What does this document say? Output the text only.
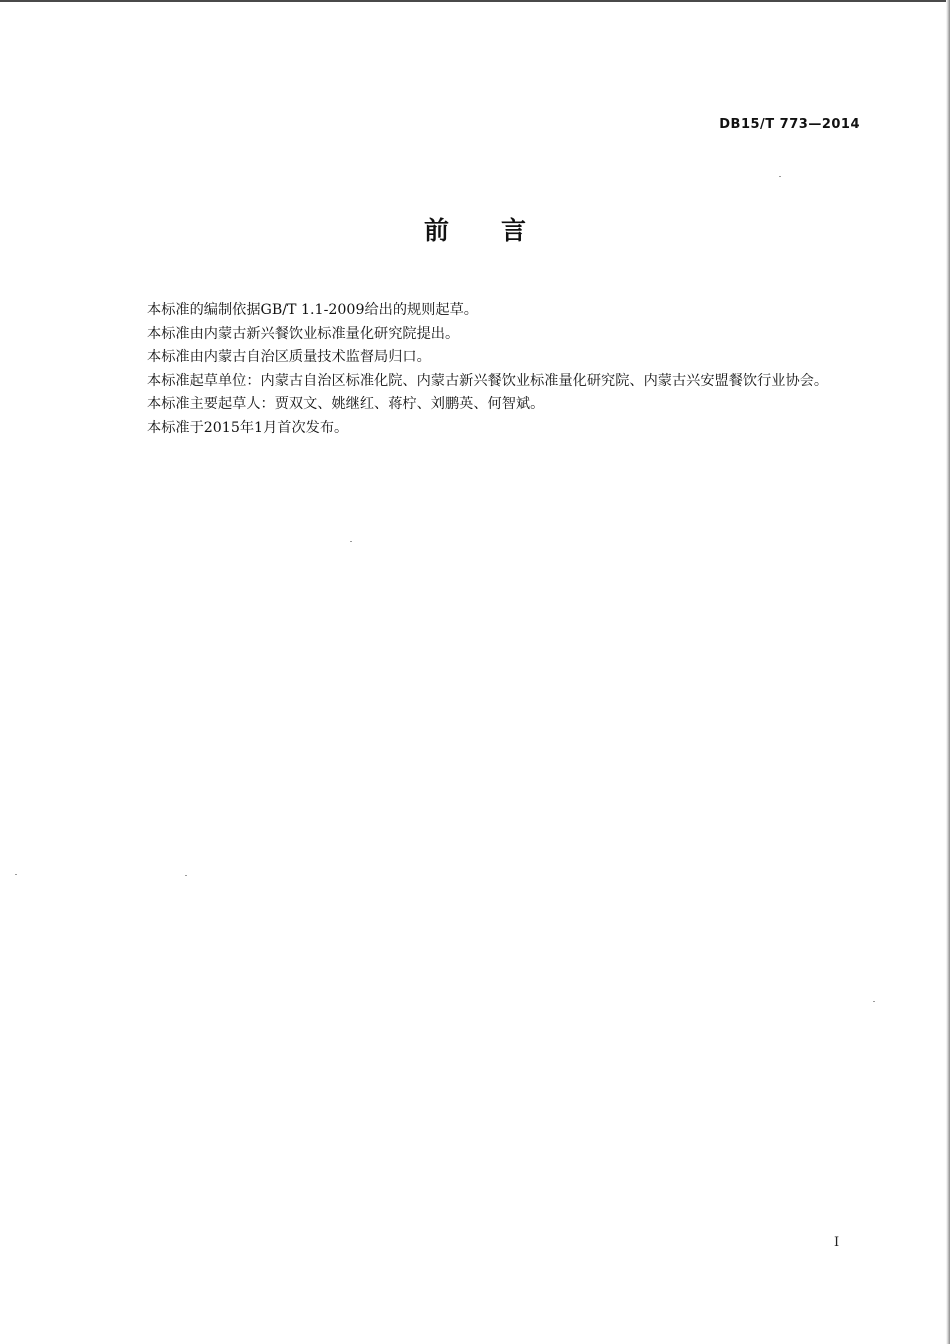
DB15/T 773—2014
前 言

本标准的编制依据GB/T 1.1-2009给出的规则起草。

本标准由内蒙古新兴餐饮业标准量化研究院提出。

本标准由内蒙古自治区质量技术监督局归口。

本标准起草单位：内蒙古自治区标准化院、内蒙古新兴餐饮业标准量化研究院、内蒙古兴安盟餐饮行业协会。

本标准主要起草人：贾双文、姚继红、蒋柠、刘鹏英、何智斌。

本标准于2015年1月首次发布。

I
